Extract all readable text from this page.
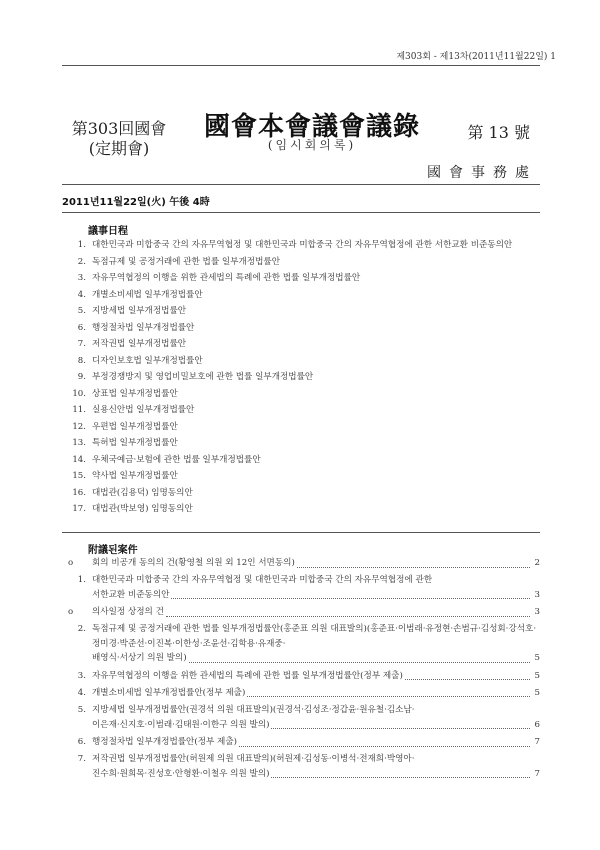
제303회 - 제13차(2011년11월22일) 1
第303回國會
(定期會)
國會本會議會議錄
(임시회의록)
第 13 號
國會事務處
2011년11월22일(火) 午後 4時
議事日程
1. 대한민국과 미합중국 간의 자유무역협정 및 대한민국과 미합중국 간의 자유무역협정에 관한 서한교환 비준동의안
2. 독점규제 및 공정거래에 관한 법률 일부개정법률안
3. 자유무역협정의 이행을 위한 관세법의 특례에 관한 법률 일부개정법률안
4. 개별소비세법 일부개정법률안
5. 지방세법 일부개정법률안
6. 행정절차법 일부개정법률안
7. 저작권법 일부개정법률안
8. 디자인보호법 일부개정법률안
9. 부정경쟁방지 및 영업비밀보호에 관한 법률 일부개정법률안
10. 상표법 일부개정법률안
11. 실용신안법 일부개정법률안
12. 우편법 일부개정법률안
13. 특허법 일부개정법률안
14. 우체국예금·보험에 관한 법률 일부개정법률안
15. 약사법 일부개정법률안
16. 대법관(김용덕) 임명동의안
17. 대법관(박보영) 임명동의안
附議된案件
o	회의 비공개 동의의 건(황영철 의원 외 12인 서면동의)	2
1. 대한민국과 미합중국 간의 자유무역협정 및 대한민국과 미합중국 간의 자유무역협정에 관한
서한교환 비준동의안	3
o	의사일정 상정의 건	3
2. 독점규제 및 공정거래에 관한 법률 일부개정법률안(홍준표 의원 대표발의)(홍준표·이범래·유정현·손범규·김성회·강석호·정미경·박준선·이진복·이한성·조윤선·김학용·유재중·
배영식·서상기 의원 발의)	5
3. 자유무역협정의 이행을 위한 관세법의 특례에 관한 법률 일부개정법률안(정부 제출)	5
4. 개별소비세법 일부개정법률안(정부 제출)	5
5. 지방세법 일부개정법률안(권경석 의원 대표발의)(권경석·김성조·정갑윤·원유철·김소남·
이은재·신지호·이범래·김태원·이한구 의원 발의)	6
6. 행정절차법 일부개정법률안(정부 제출)	7
7. 저작권법 일부개정법률안(허원제 의원 대표발의)(허원제·김성동·이병석·전재희·박영아·
진수희·원희목·진성호·안형환·이철우 의원 발의)	7
